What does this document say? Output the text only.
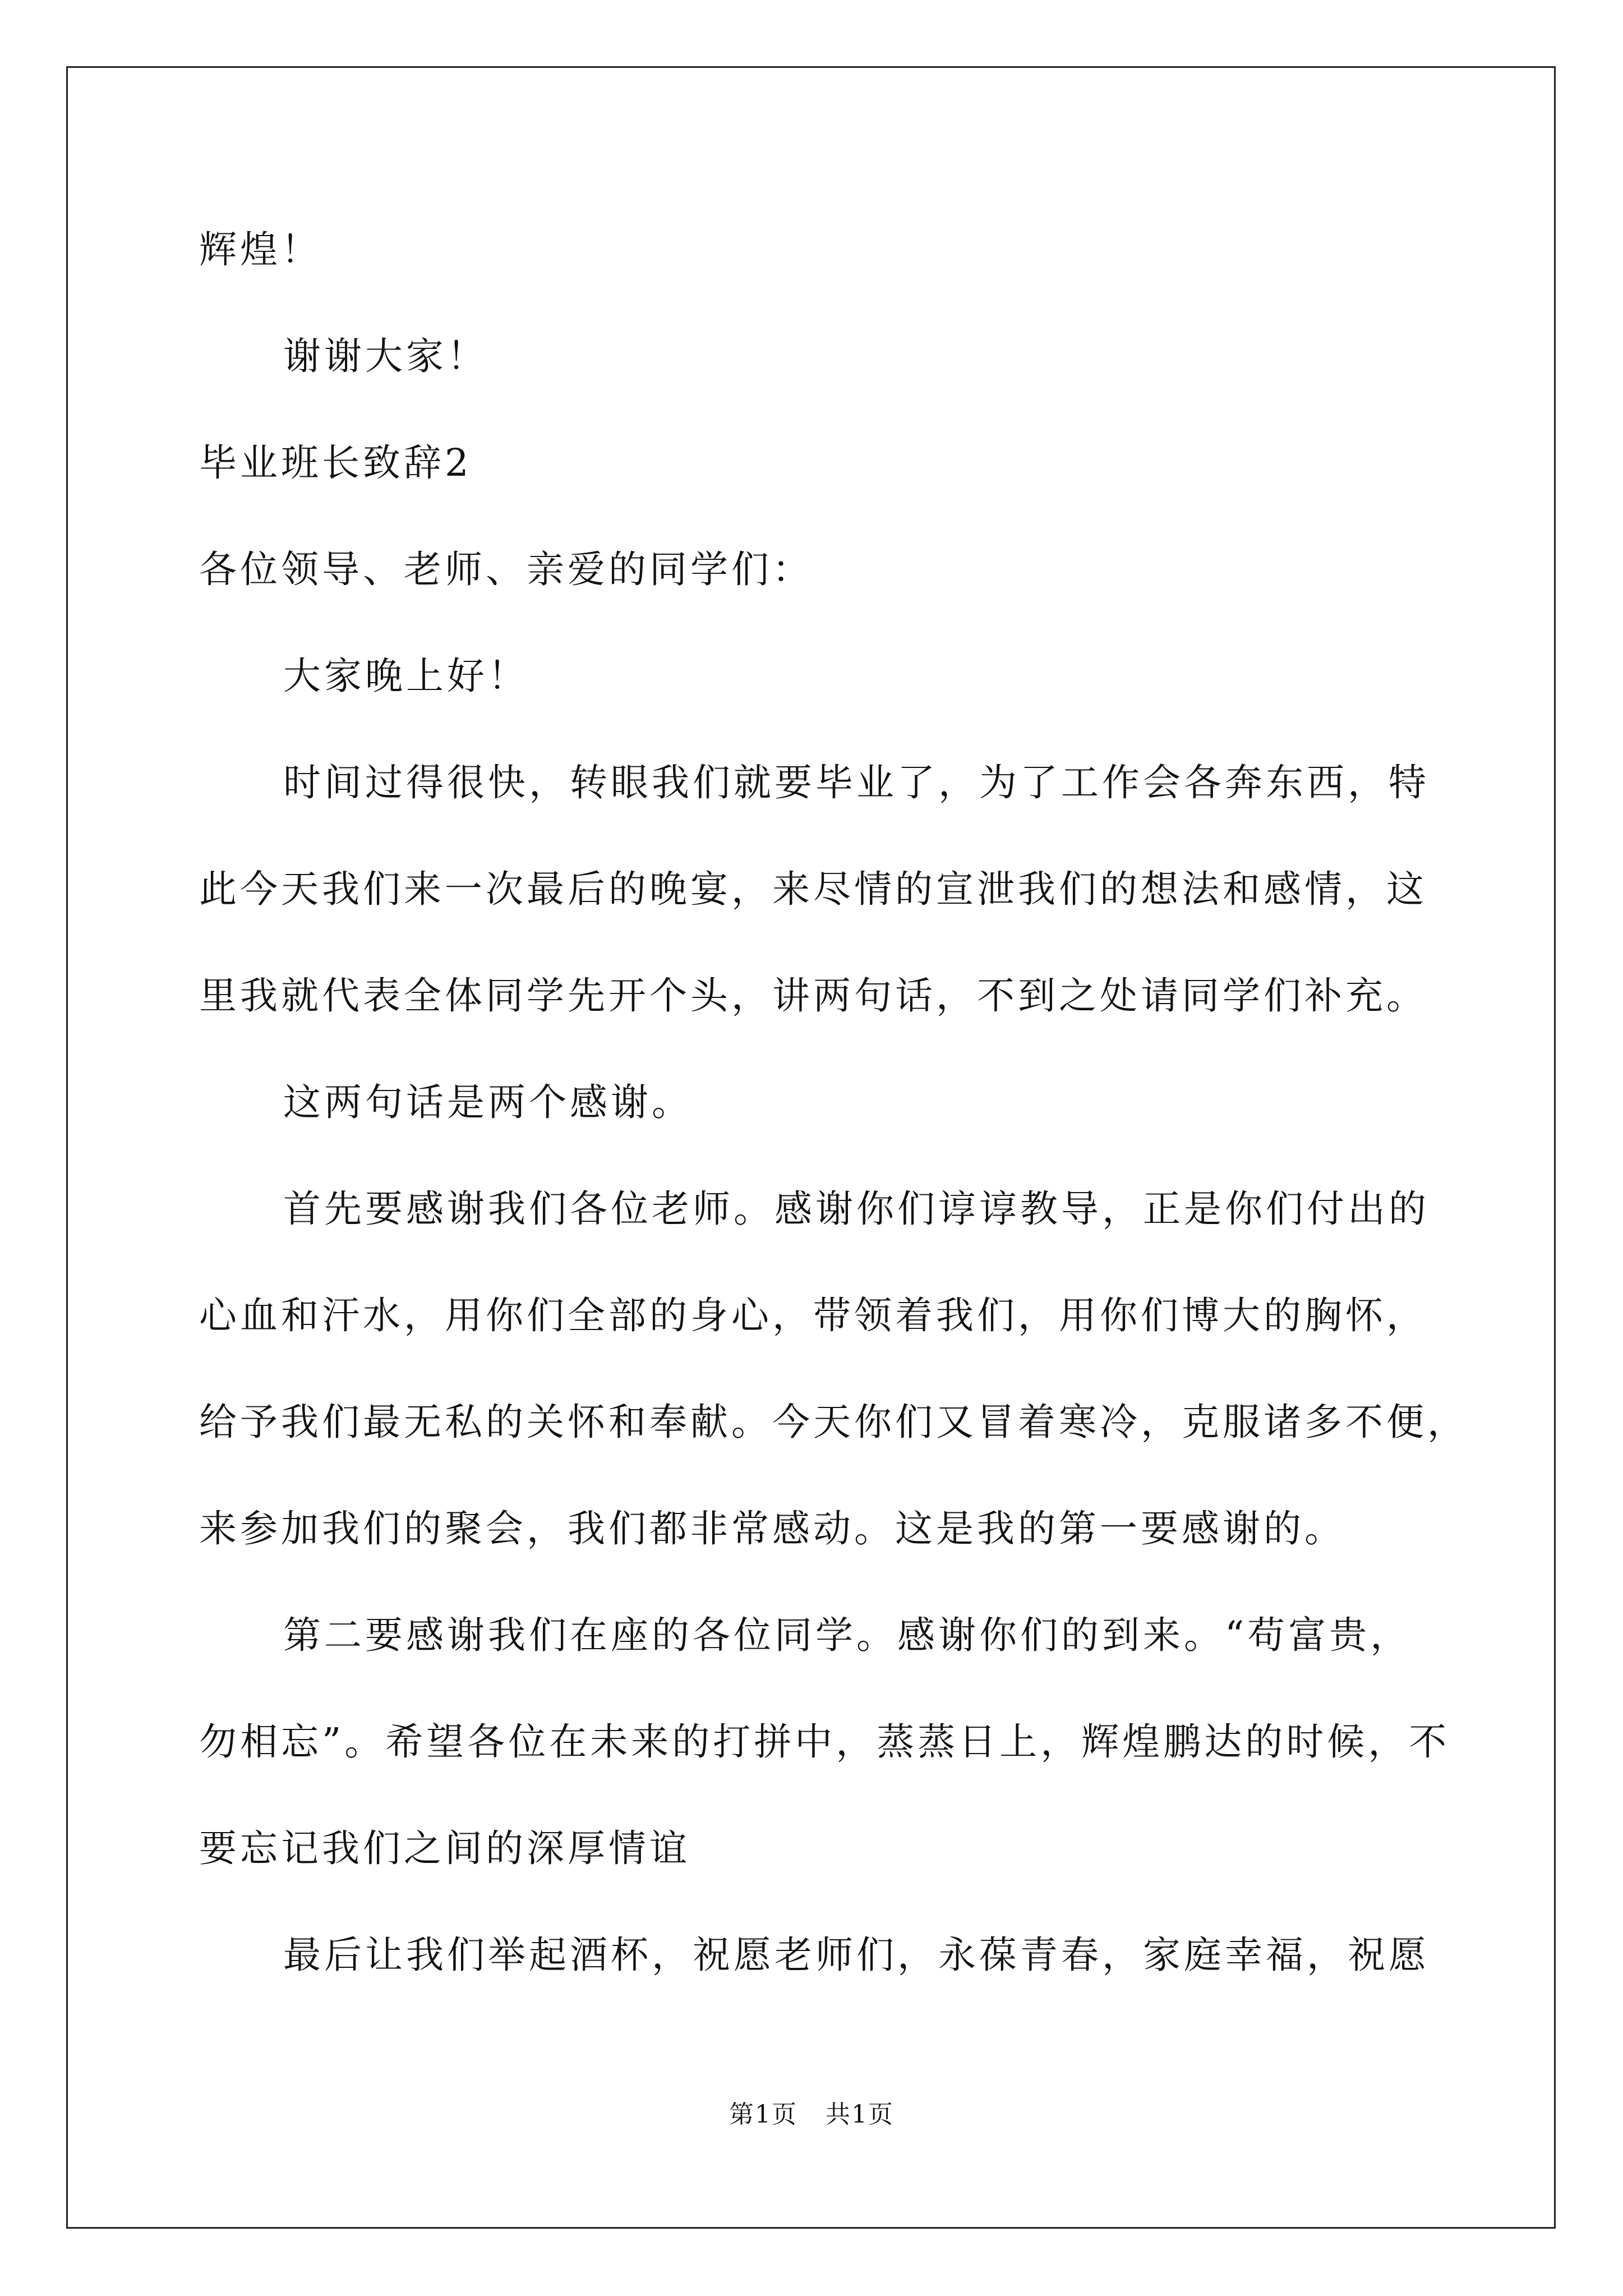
辉煌！
谢谢大家！
毕业班长致辞2
各位领导、老师、亲爱的同学们：
大家晚上好！
时间过得很快，转眼我们就要毕业了，为了工作会各奔东西，特
此今天我们来一次最后的晚宴，来尽情的宣泄我们的想法和感情，这
里我就代表全体同学先开个头，讲两句话，不到之处请同学们补充。
这两句话是两个感谢。
首先要感谢我们各位老师。感谢你们谆谆教导，正是你们付出的
心血和汗水，用你们全部的身心，带领着我们，用你们博大的胸怀，
给予我们最无私的关怀和奉献。今天你们又冒着寒冷，克服诸多不便，
来参加我们的聚会，我们都非常感动。这是我的第一要感谢的。
第二要感谢我们在座的各位同学。感谢你们的到来。“苟富贵，
勿相忘”。希望各位在未来的打拼中，蒸蒸日上，辉煌鹏达的时候，不
要忘记我们之间的深厚情谊
最后让我们举起酒杯，祝愿老师们，永葆青春，家庭幸福，祝愿
第1页 共1页
